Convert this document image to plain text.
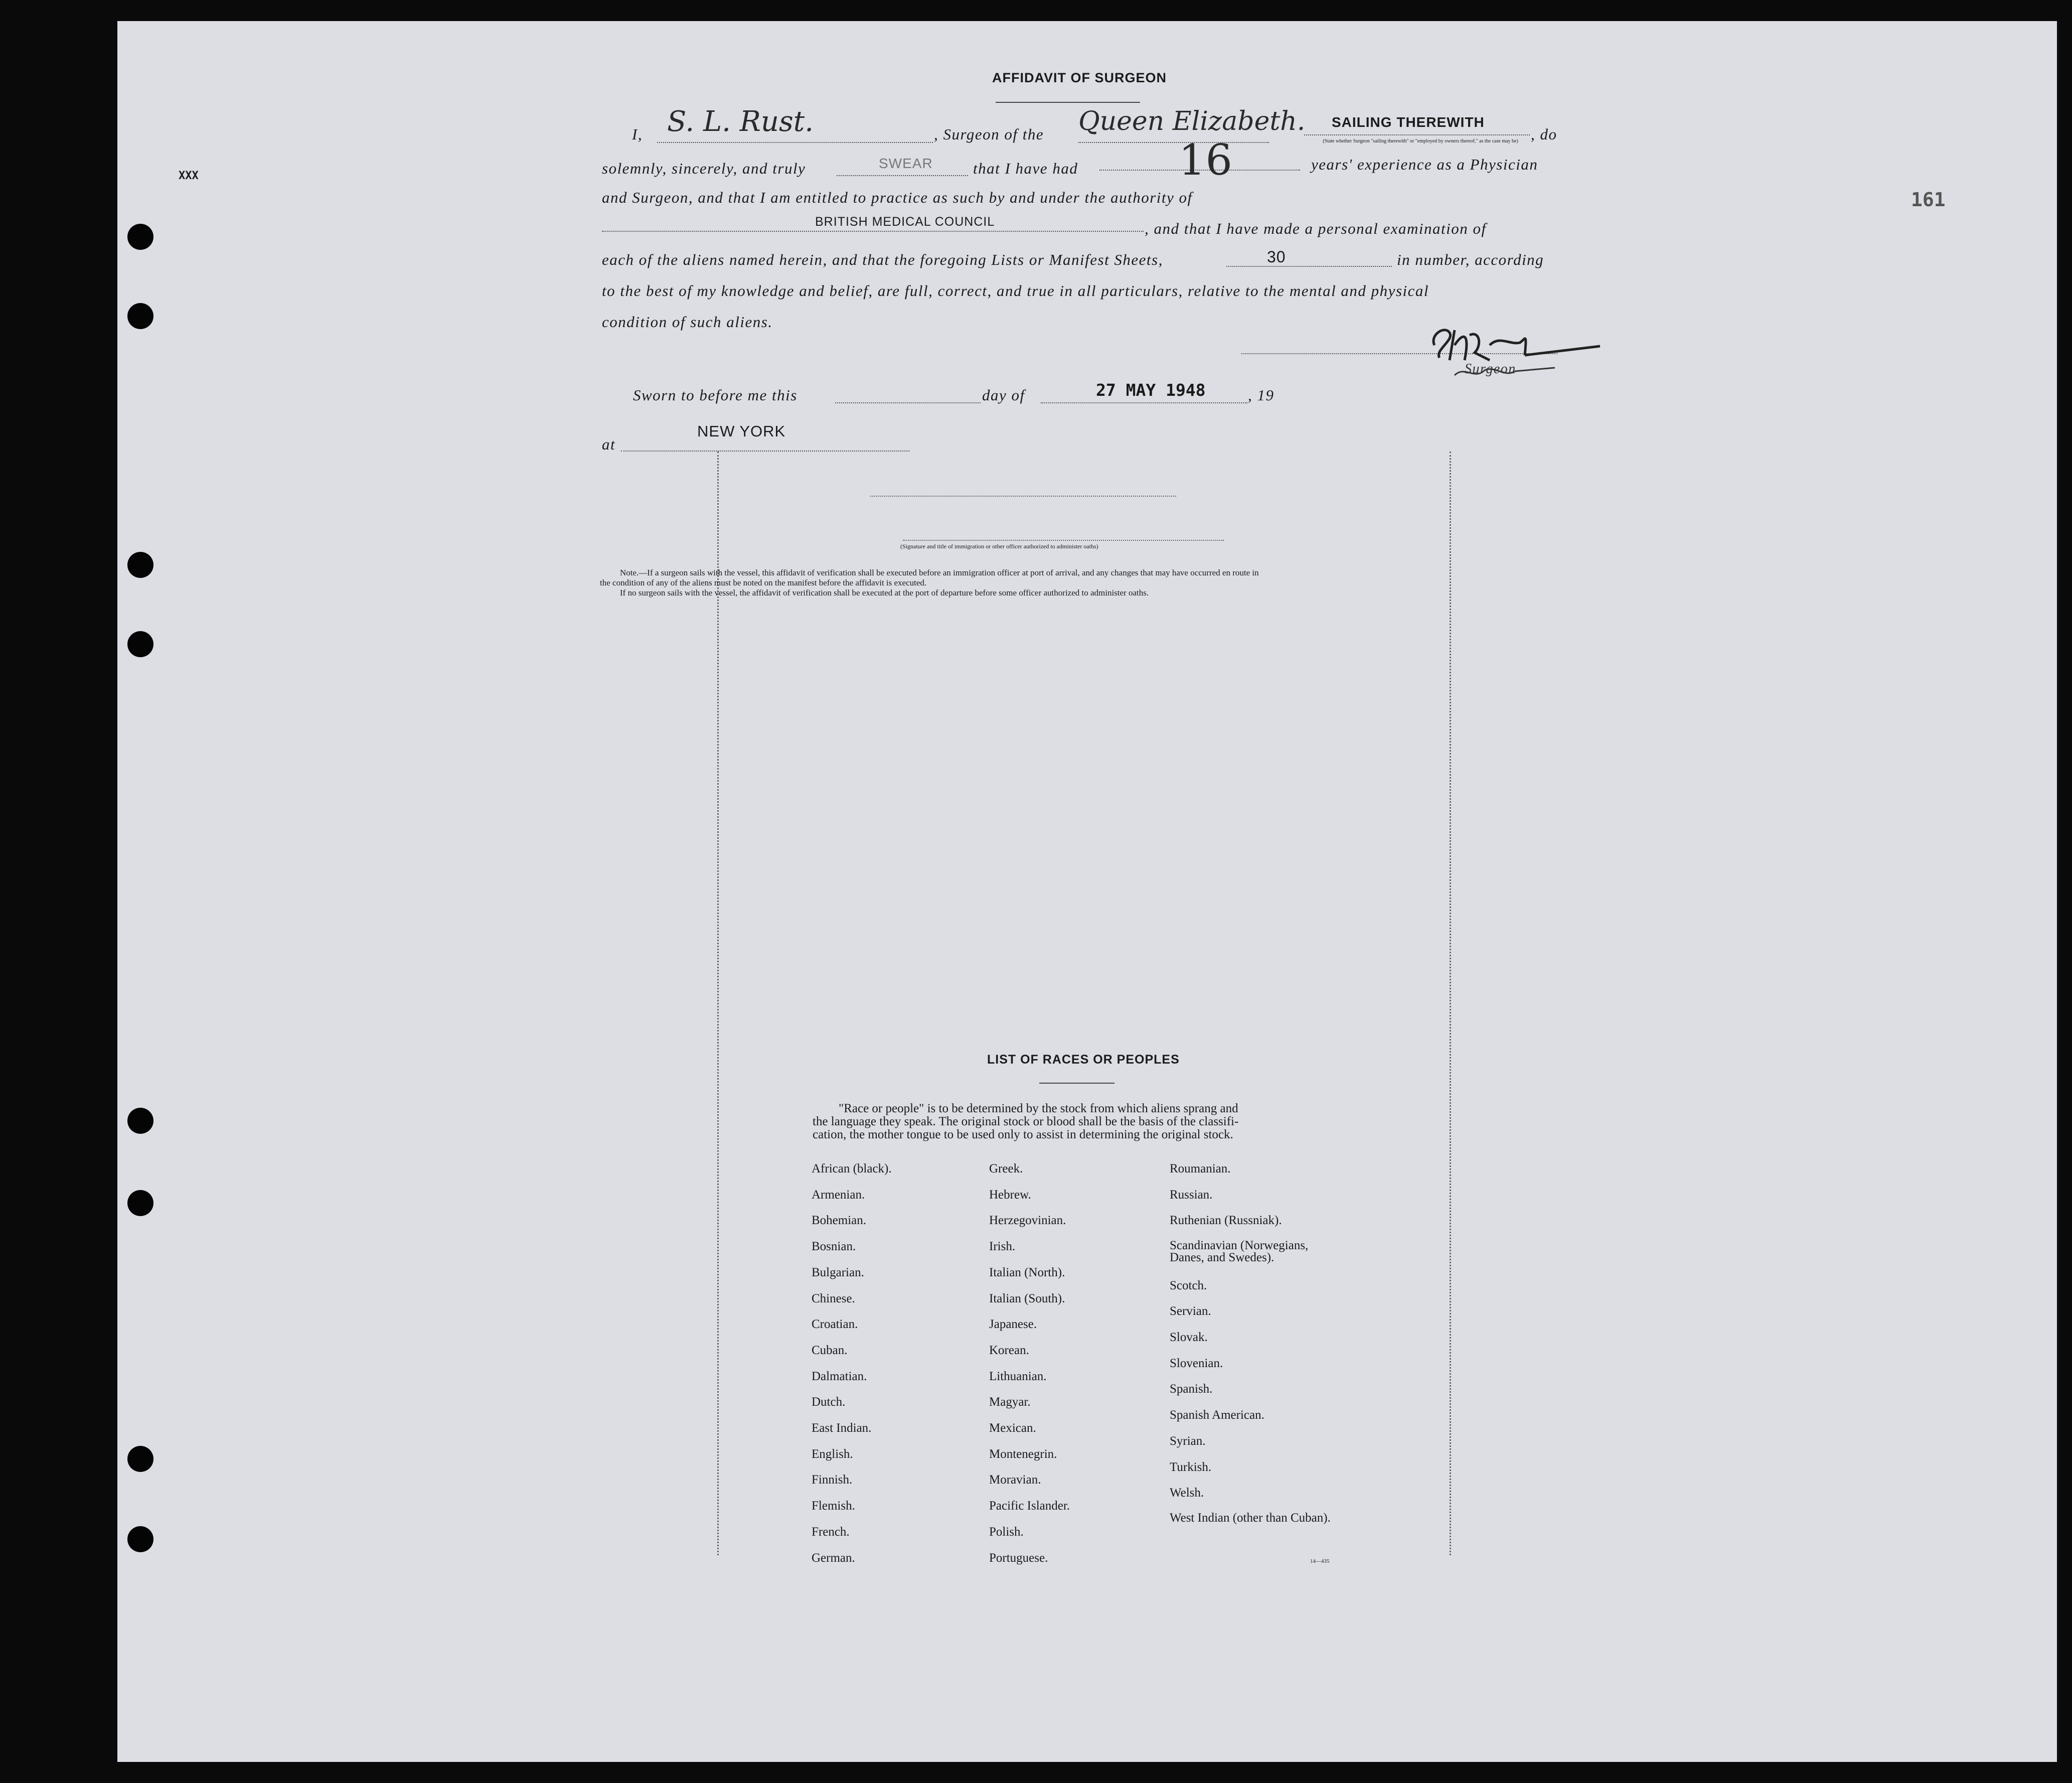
XXX
161
AFFIDAVIT OF SURGEON
I, S. L. Rust.	, Surgeon of the Queen Elizabeth. SAILING THEREWITH
, do
(State whether Surgeon "sailing therewith" or "employed by owners thereof," as the case may be)
solemnly, sincerely, and truly	SWEAR	that I have had 16	years' experience as a Physician
and Surgeon, and that I am entitled to practice as such by and under the authority of
BRITISH MEDICAL COUNCIL	, and that I have made a personal examination of
each of the aliens named herein, and that the foregoing Lists or Manifest Sheets,	30	in number, according
to the best of my knowledge and belief, are full, correct, and true in all particulars, relative to the mental and physical
condition of such aliens.
Surgeon
Sworn to before me this	day of	27 MAY 1948	, 19
at
NEW YORK
(Signature and title of immigration or other officer authorized to administer oaths)
Note.—If a surgeon sails with the vessel, this affidavit of verification shall be executed before an immigration officer at port of arrival, and any changes that may have occurred en route in
the condition of any of the aliens must be noted on the manifest before the affidavit is executed.
If no surgeon sails with the vessel, the affidavit of verification shall be executed at the port of departure before some officer authorized to administer oaths.
LIST OF RACES OR PEOPLES
"Race or people" is to be determined by the stock from which aliens sprang and
the language they speak. The original stock or blood shall be the basis of the classifi-
cation, the mother tongue to be used only to assist in determining the original stock.
African (black).
Armenian.
Bohemian.
Bosnian.
Bulgarian.
Chinese.
Croatian.
Cuban.
Dalmatian.
Dutch.
East Indian.
English.
Finnish.
Flemish.
French.
German.
Greek.
Hebrew.
Herzegovinian.
Irish.
Italian (North).
Italian (South).
Japanese.
Korean.
Lithuanian.
Magyar.
Mexican.
Montenegrin.
Moravian.
Pacific Islander.
Polish.
Portuguese.
Roumanian.
Russian.
Ruthenian (Russniak).
Scandinavian (Norwegians, Danes, and Swedes).
Scotch.
Servian.
Slovak.
Slovenian.
Spanish.
Spanish American.
Syrian.
Turkish.
Welsh.
West Indian (other than Cuban).
14—435
